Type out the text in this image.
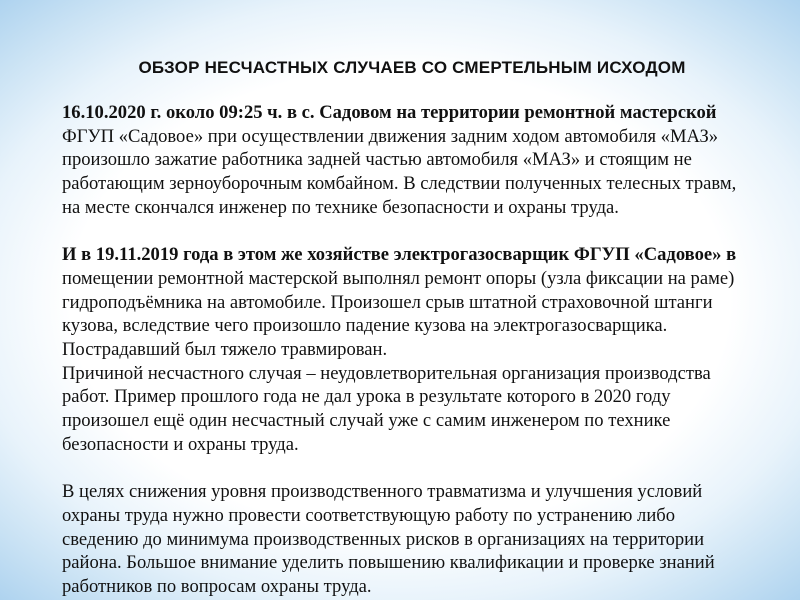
ОБЗОР НЕСЧАСТНЫХ СЛУЧАЕВ СО СМЕРТЕЛЬНЫМ ИСХОДОМ
16.10.2020 г. около 09:25 ч. в с. Садовом на территории ремонтной мастерской
ФГУП «Садовое» при осуществлении движения задним ходом автомобиля «МАЗ»
произошло зажатие работника задней частью автомобиля «МАЗ» и стоящим не
работающим зерноуборочным комбайном. В следствии полученных телесных травм,
на месте скончался инженер по технике безопасности и охраны труда.
И в 19.11.2019 года в этом же хозяйстве электрогазосварщик ФГУП «Садовое» в
помещении ремонтной мастерской выполнял ремонт опоры (узла фиксации на раме)
гидроподъёмника на автомобиле. Произошел срыв штатной страховочной штанги
кузова, вследствие чего произошло падение кузова на электрогазосварщика.
Пострадавший был тяжело травмирован.
Причиной несчастного случая – неудовлетворительная организация производства
работ. Пример прошлого года не дал урока в результате которого в 2020 году
произошел ещё один несчастный случай уже с самим инженером по технике
безопасности и охраны труда.
В целях снижения уровня производственного травматизма и улучшения условий
охраны труда нужно провести соответствующую работу по устранению либо
сведению до минимума производственных рисков в организациях на территории
района. Большое внимание уделить повышению квалификации и проверке знаний
работников по вопросам охраны труда.
